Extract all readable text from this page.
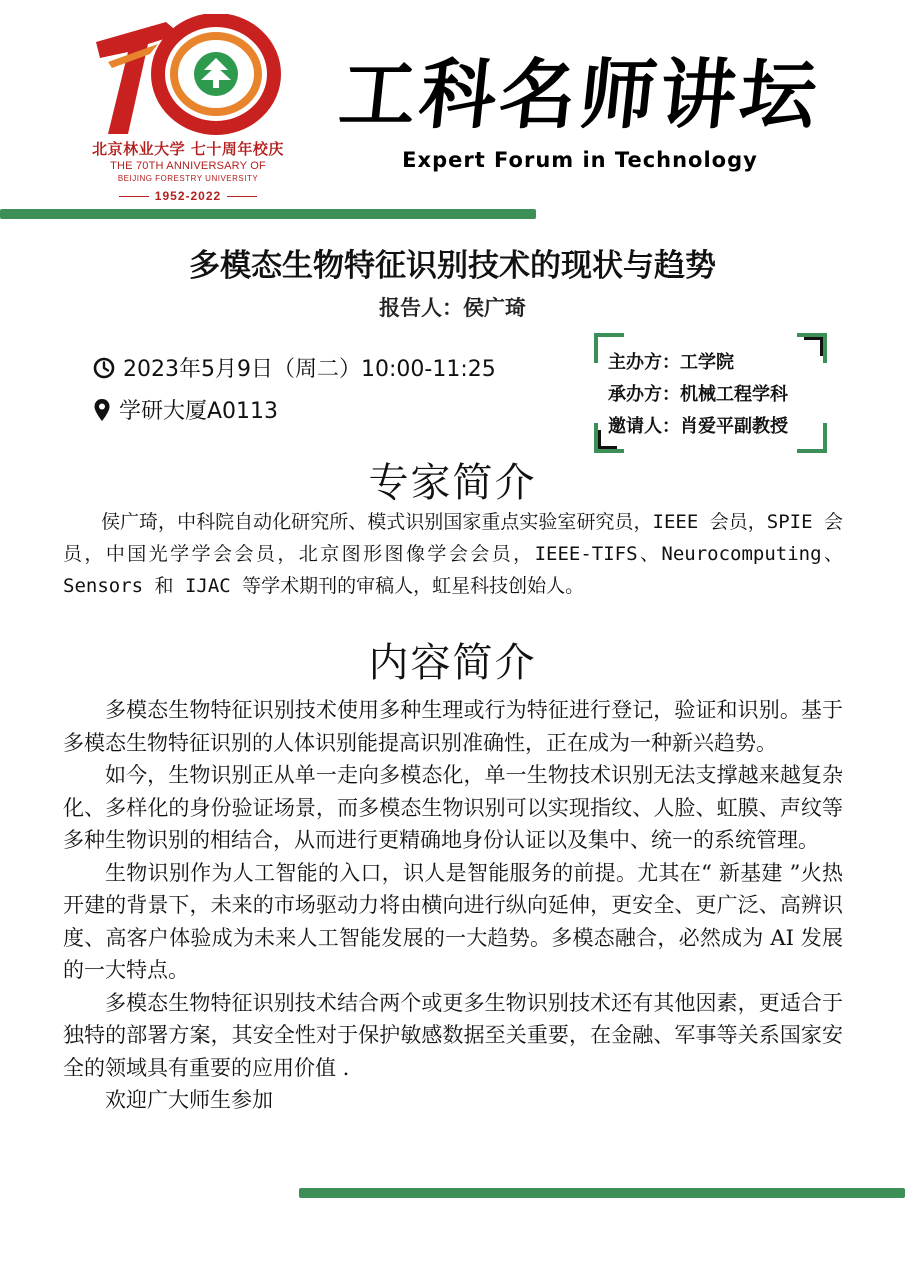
北京林业大学 七十周年校庆
THE 70TH ANNIVERSARY OF
BEIJING FORESTRY UNIVERSITY
1952-2022
工科名师讲坛
Expert Forum in Technology
多模态生物特征识别技术的现状与趋势
报告人：侯广琦
2023年5月9日（周二）10:00-11:25
学研大厦A0113
主办方：工学院
承办方：机械工程学科
邀请人：肖爱平副教授
专家简介

侯广琦，中科院自动化研究所、模式识别国家重点实验室研究员，IEEE 会员，SPIE 会员，中国光学学会会员，北京图形图像学会会员，IEEE-TIFS、Neurocomputing、Sensors 和 IJAC 等学术期刊的审稿人，虹星科技创始人。

内容简介

多模态生物特征识别技术使用多种生理或行为特征进行登记，验证和识别。基于多模态生物特征识别的人体识别能提高识别准确性，正在成为一种新兴趋势。

如今，生物识别正从单一走向多模态化，单一生物技术识别无法支撑越来越复杂化、多样化的身份验证场景，而多模态生物识别可以实现指纹、人脸、虹膜、声纹等多种生物识别的相结合，从而进行更精确地身份认证以及集中、统一的系统管理。

生物识别作为人工智能的入口，识人是智能服务的前提。尤其在“ 新基建 ”火热开建的背景下，未来的市场驱动力将由横向进行纵向延伸，更安全、更广泛、高辨识度、高客户体验成为未来人工智能发展的一大趋势。多模态融合，必然成为 AI 发展的一大特点。

多模态生物特征识别技术结合两个或更多生物识别技术还有其他因素，更适合于独特的部署方案，其安全性对于保护敏感数据至关重要，在金融、军事等关系国家安全的领域具有重要的应用价值 .

欢迎广大师生参加
